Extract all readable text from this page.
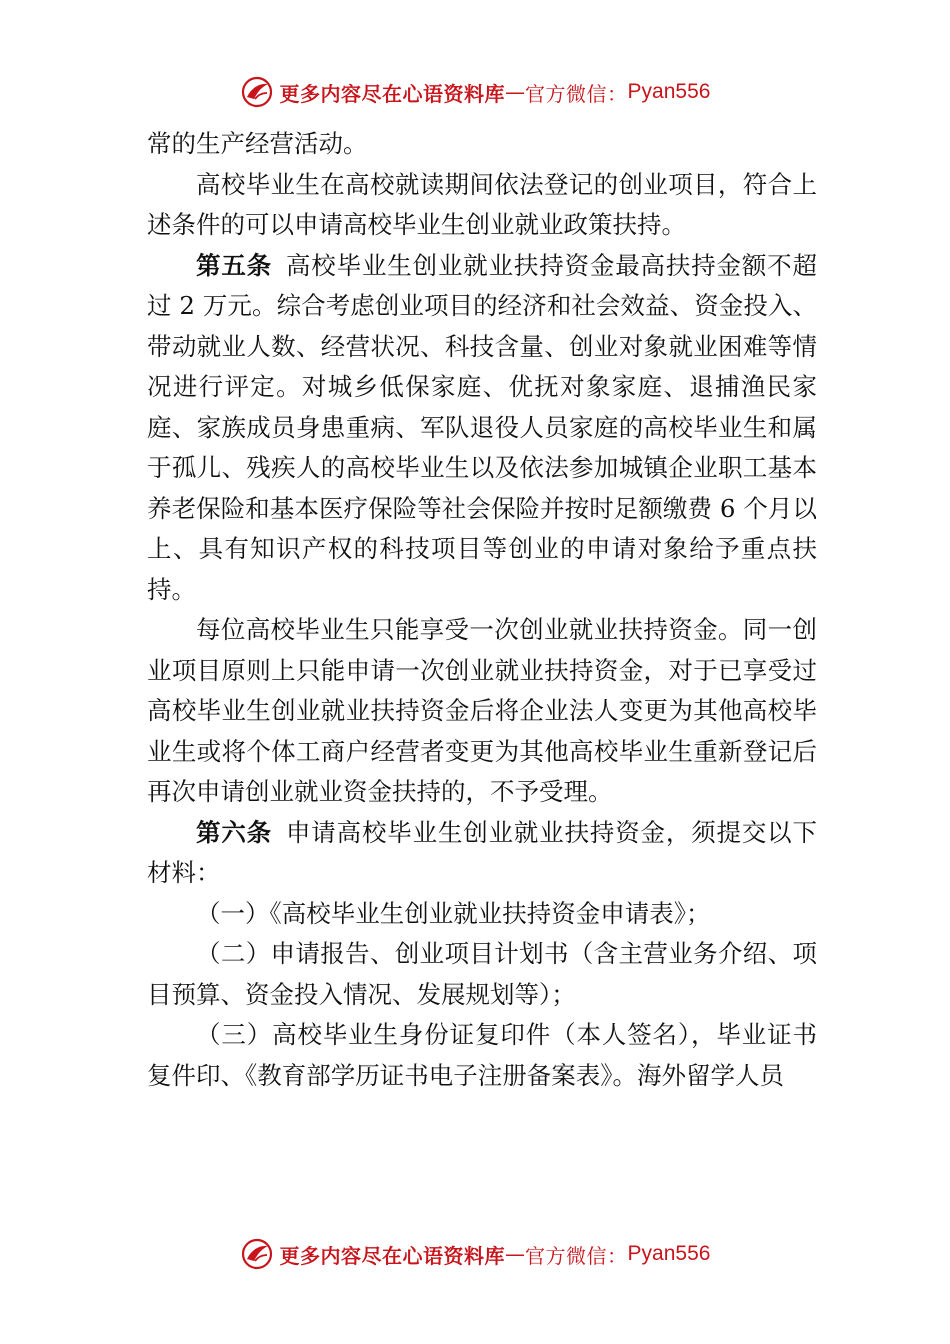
更多内容尽在心语资料库 — 官方微信： Pyan556

常的生产经营活动。

高校毕业生在高校就读期间依法登记的创业项目，符合上述条件的可以申请高校毕业生创业就业政策扶持。

第五条 高校毕业生创业就业扶持资金最高扶持金额不超过 2 万元。综合考虑创业项目的经济和社会效益、资金投入、带动就业人数、经营状况、科技含量、创业对象就业困难等情况进行评定。对城乡低保家庭、优抚对象家庭、退捕渔民家庭、家族成员身患重病、军队退役人员家庭的高校毕业生和属于孤儿、残疾人的高校毕业生以及依法参加城镇企业职工基本养老保险和基本医疗保险等社会保险并按时足额缴费 6 个月以上、具有知识产权的科技项目等创业的申请对象给予重点扶持。

每位高校毕业生只能享受一次创业就业扶持资金。同一创业项目原则上只能申请一次创业就业扶持资金，对于已享受过高校毕业生创业就业扶持资金后将企业法人变更为其他高校毕业生或将个体工商户经营者变更为其他高校毕业生重新登记后再次申请创业就业资金扶持的，不予受理。

第六条 申请高校毕业生创业就业扶持资金，须提交以下材料：

（一）《高校毕业生创业就业扶持资金申请表》；

（二）申请报告、创业项目计划书（含主营业务介绍、项目预算、资金投入情况、发展规划等）；

（三）高校毕业生身份证复印件（本人签名），毕业证书复件印、《教育部学历证书电子注册备案表》。海外留学人员

更多内容尽在心语资料库 — 官方微信： Pyan556
